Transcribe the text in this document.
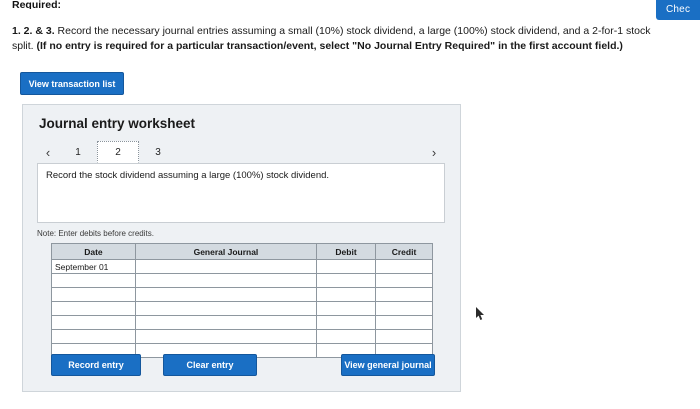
Chec
Required:
1. 2. & 3. Record the necessary journal entries assuming a small (10%) stock dividend, a large (100%) stock dividend, and a 2-for-1 stock split. (If no entry is required for a particular transaction/event, select "No Journal Entry Required" in the first account field.)
View transaction list
Journal entry worksheet
‹	1	2	3	›
Record the stock dividend assuming a large (100%) stock dividend.
Note: Enter debits before credits.
Date	General Journal	Debit	Credit
September 01			

Record entry	Clear entry	View general journal
